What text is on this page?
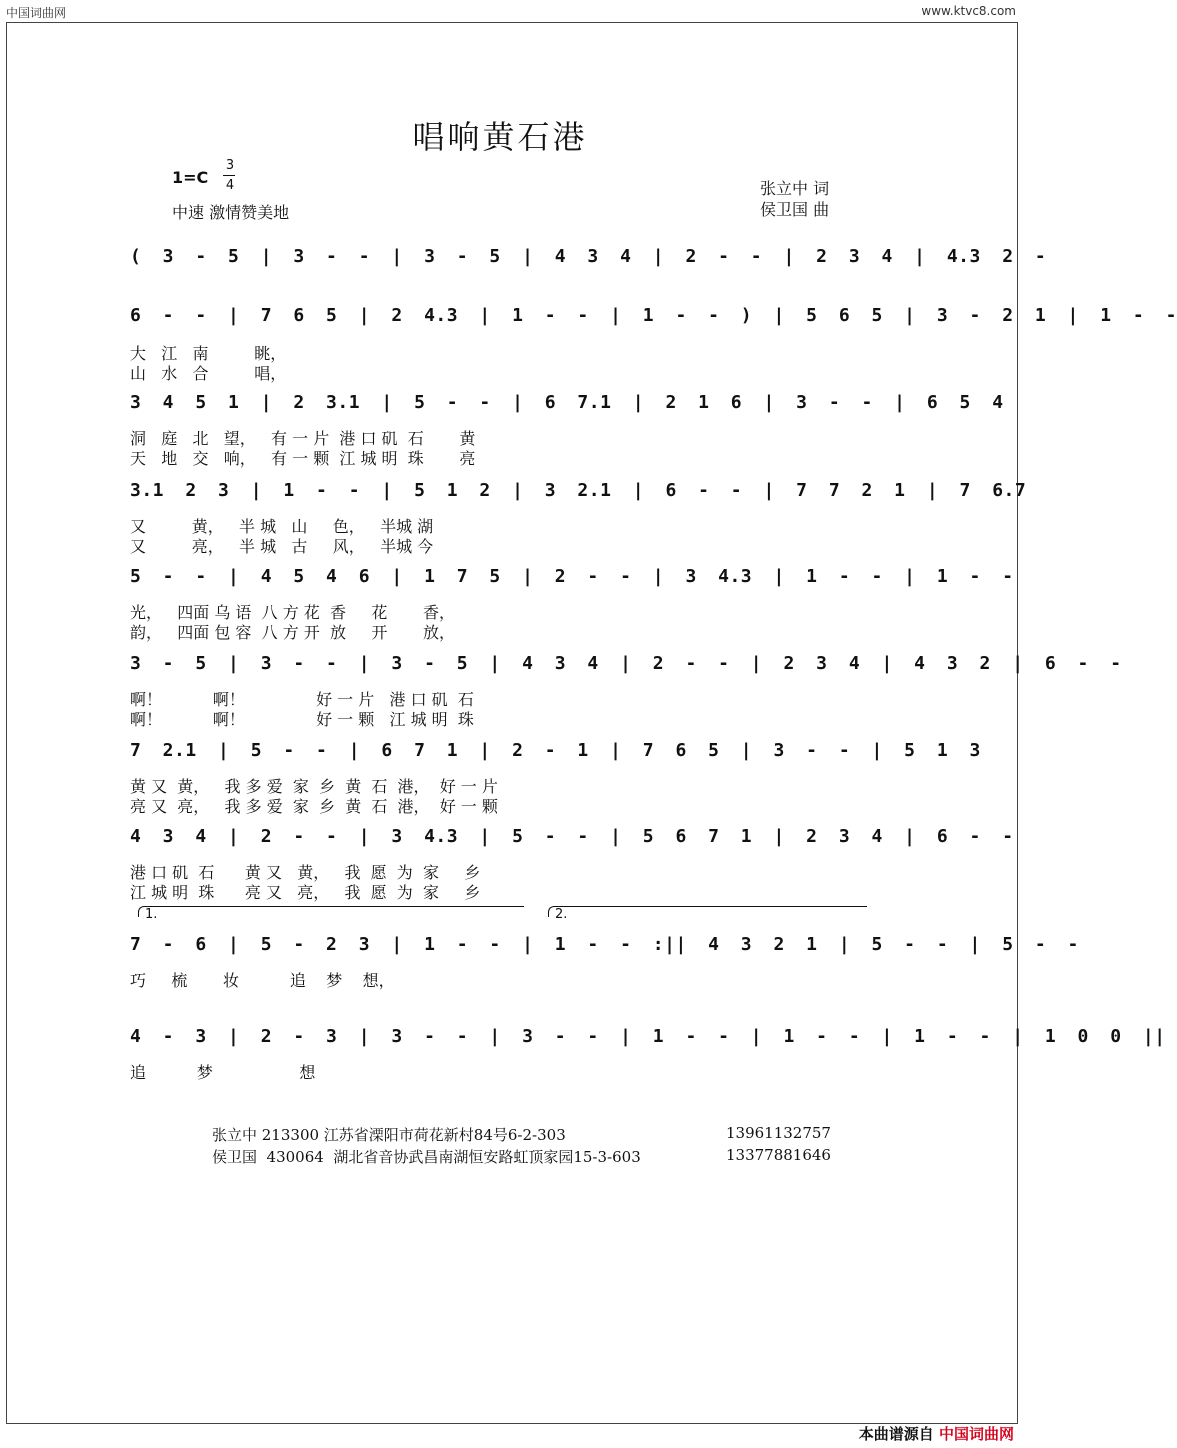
中国词曲网	www.ktvc8.com
唱响黄石港
1=C
3
4
中速 激情赞美地
张立中 词
侯卫国 曲
( 3 - 5 | 3 - - | 3 - 5 | 4 3 4 | 2 - - | 2 3 4 | 4.3 2 -
6 - - | 7 6 5 | 2 4.3 | 1 - - | 1 - - ) | 5 6 5 | 3 - 2 1 | 1 - -
大   江   南         眺，
山   水   合         唱，
3 4 5 1 | 2 3.1 | 5 - - | 6 7.1 | 2 1 6 | 3 - - | 6 5 4
洞   庭   北   望，   有 一 片  港 口 矶  石       黄
天   地   交   响，   有 一 颗  江 城 明  珠       亮
3.1 2 3 | 1 - - | 5 1 2 | 3 2.1 | 6 - - | 7 7 2 1 | 7 6.7
又         黄，   半 城   山     色，   半城 湖
又         亮，   半 城   古     风，   半城 今
5 - - | 4 5 4 6 | 1 7 5 | 2 - - | 3 4.3 | 1 - - | 1 - -
光，   四面 乌 语  八 方 花  香     花       香，
韵，   四面 包 容  八 方 开  放     开       放，
3 - 5 | 3 - - | 3 - 5 | 4 3 4 | 2 - - | 2 3 4 | 4 3 2 | 6 - -
啊！          啊！              好 一 片   港 口 矶  石
啊！          啊！              好 一 颗   江 城 明  珠
7 2.1 | 5 - - | 6 7 1 | 2 - 1 | 7 6 5 | 3 - - | 5 1 3
黄 又  黄，   我 多 爱  家  乡  黄  石  港，  好 一 片
亮 又  亮，   我 多 爱  家  乡  黄  石  港，  好 一 颗
4 3 4 | 2 - - | 3 4.3 | 5 - - | 5 6 7 1 | 2 3 4 | 6 - -
港 口 矶  石      黄 又   黄，   我  愿  为  家     乡
江 城 明  珠      亮 又   亮，   我  愿  为  家     乡
7 - 6 | 5 - 2 3 | 1 - - | 1 - - :|| 4 3 2 1 | 5 - - | 5 - -
巧     梳       妆          追    梦    想，
4 - 3 | 2 - 3 | 3 - - | 3 - - | 1 - - | 1 - - | 1 - - | 1 0 0 ||
追          梦                 想
1.	2.
张立中 213300 江苏省溧阳市荷花新村84号6-2-303	13961132757
侯卫国  430064  湖北省音协武昌南湖恒安路虹顶家园15-3-603	13377881646
本曲谱源自 中国词曲网
